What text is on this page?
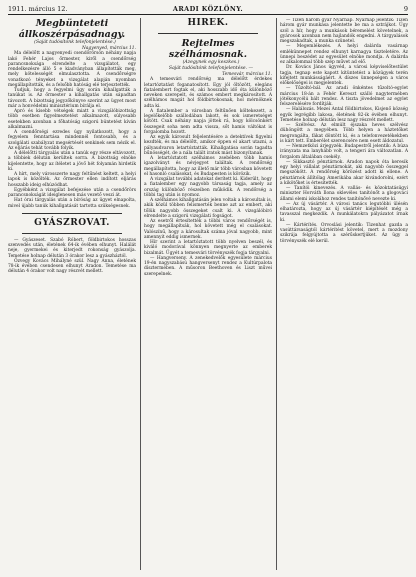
1911. március 12.	ARADI KÖZLÖNY.	9
Megbünteteti állkoszérpásadnagy.

(Saját tudósítónk telefonjelentése.)

Nagyenyed, március 11.

Ma délelőtt a nagyenyedi csendőrörsön néhány napja lakó Fehér Lajos őrmester, kiről a csendőrség parancsnoksága elrendelte a vizsgálatot, egy rendelkezésre álló 5 e kiadványban állapították meg, mely kötelességét elmulasztotta. A csendőrségre vonatkozó tényeket a vizsgálat alapján nyomban megállapították, és a felsőbb hatóság elé terjesztették.

Tudjuk, hogy a fegyelmi ügy során kihallgatták a tanúkat is. Az őrmester a kihallgatás után sápadtan távozott. A bizottság jegyzőkönyve szerint az ügyet most már a honvédelmi minisztérium bírálja el.

Apró és kisebb vétségek miatt a vizsgálóbizottság több esetben figyelmeztetést alkalmazott, súlyosabb esetekben azonban a főhatóság szigorú büntetést kíván alkalmazni.

A csendőrségi ezredes úgy nyilatkozott, hogy a fegyelem fenntartása mindennél fontosabb, és a szolgálati szabályzat megsértését senkinek sem nézik el. Az eljárás tehát tovább folyik.

A délelőtti tárgyalás után a tanúk egy része eltávozott, a többiek délután kerültek sorra. A bizottság elnöke kijelentette, hogy az ítéletet a jövő hét folyamán hirdetik ki.

A hírt, mely városszerte nagy feltűnést keltett, a helyi lapok is közölték. Az őrmester ellen indított eljárás hosszabb ideig elhúzódhat.

Egyébként a vizsgálat befejezése után a csendőrörs parancsnokságát ideiglenesen más vezető veszi át.

Hat órai tárgyalás után a bíróság az ügyet elnapolta, mivel újabb tanúk kihallgatását tartotta szükségesnek.

GYÁSZROVAT.

— Gyászeset. Szabó Róbert, földbirtokos hosszas szenvedés után, életének 64-ik évében elhunyt. Halálát neje, gyermekei és kiterjedt rokonság gyászolja. Temetése holnap délután 3 órakor lesz a gyászháztól.

Özvegy Kovács Mihályné szül. Nagy Anna, életének 78-ik évében csendesen elhunyt Aradon. Temetése ma délután 4 órakor volt nagy részvét mellett.

HÍREK.
Rejtelmes szélhámosnak.

(Azegynek egy keszkes.)

Saját tudósítónk telefonjelentése. —

Temesvár, március 11.

A temesvári rendőrség ma délelőtt érdekes letartóztatást foganatosított. Egy jól öltözött, elegáns fiatalembert fogtak el, aki hosszabb idő óta különböző neveken szerepelt, és számos embert megkárosított. A szélhámos magát hol földbirtokosnak, hol mérnöknek adta ki.

A fiatalember a városban feltűnően költekezett, a legelőkelőbb szállodában lakott, és sok ismeretséget kötött. Csak néhány napja jöttek rá, hogy kölcsönkért összegeit soha nem adta vissza, sőt hamis váltókat is forgalomba hozott.

Az egyik károsult feljelentésére a detektívek figyelni kezdték, és ma délelőtt, amikor éppen el akart utazni, a pályaudvaron letartóztatták. Kihallgatása során tagadta bűnösségét, de a nála talált iratok mást bizonyítanak.

A letartóztatott szélhámos zsebében több hamis igazolványt és névjegyet találtak. A rendőrség megállapította, hogy az illető már több városban követett el hasonló csalásokat, és Budapesten is körözik.

A vizsgálat további adatokat derített ki. Kiderült, hogy a fiatalember egy nagyobb társaság tagja, amely az ország különböző részeiben működik. A rendőrség a többi tag után is nyomoz.

A szélhámos kihallgatásán jelen voltak a károsultak is, akik közül többen felismerték benne azt az embert, aki tőlük nagyobb összegeket csalt ki. A vizsgálóbíró elrendelte a szigorú vizsgálati fogságot.

Az esetről értesítették a többi város rendőrségét is, hogy megállapítsák, hol követett még el csalásokat. Valószínű, hogy a károsultak száma jóval nagyobb, mint amennyit eddig ismernek.

Hír szerint a letartóztatott több nyelven beszél, és kiváló modorával könnyen megnyerte az emberek bizalmát. Ügyét a temesvári törvényszék fogja tárgyalni.

— Hangverseny. A zenekedvelők egyesülete március 19-én nagyszabású hangversenyt rendez a Kultúrpalota dísztermében. A műsoron Beethoven és Liszt művei szerepelnek.

— Tizen három gyár Nyárnap. Nyárnap jelentik: Tizen három gyár munkása jelentette be ma a sztrájkot. Úgy szól a hír, hogy a munkások béremelést követelnek, a gyárosok azonban nem hajlandók engedni. A tárgyalások megszakadtak, a munka szünetel.

— Megemlékezés. A helyi dalárda vasárnap emlékünnepet rendez elhunyt karnagya tiszteletére. Az ünnepi beszédet az egyesület elnöke mondja. A dalárda ez alkalommal több szép művet ad elő.

Dr. Kovács János ügyvéd, a városi képviselőtestület tagja, tegnap este kapott kitüntetést a közügyek terén kifejtett munkásságáért. A díszes ünnepségen a város előkelőségei is megjelentek.

— Tűzoltó-bál. Az aradi önkéntes tűzoltó-egylet március 18-án a Fehér Kereszt szálló nagytermében jótékonycélú bált rendez. A tiszta jövedelmet az egylet felszerelésére fordítják.

— Halálozás. Mezei Antal földbirtokos, Kisjenő község egyik legrégibb lakosa, életének 82-ik évében elhunyt. Temetése holnap délután lesz nagy részvét mellett.

— Szélvész. Az elmúlt éjszaka heves szélvész dühöngött a megyében. Több helyen a háztetőket megrongálta, fákat döntött ki, és a telefonvezetékekben is kárt tett. Emberélet szerencsére nem esett áldozatul.

— Nemzetközi árjegyzék. Budapestről jelentik: A búza irányzata ma lanyhább volt, a tengeri ára változatlan. A forgalom általában csekély.

— Sikkasztó pénztárnok. Aradon napok óta keresik egy helyi vállalat pénztárnokát, aki nagyobb összeggel megszökött. A rendőrség körözést adott ki ellene. A pénztárnok állítólag Amerikába akar kivándorolni, ezért a kikötőket is értesítették.

— Tanítói kinevezés. A vallás- és közoktatásügyi miniszter Horváth Ilona oklevéles tanítónőt a glogováci állami elemi iskolához rendes tanítónővé nevezte ki.

— Az új vásártér. A városi tanács legutóbbi ülésén elhatározta, hogy az új vásártér kiépítését még a tavasszal megkezdik. A munkálatokra pályázatot írnak ki.

— Kártérítés. Orvoslási jelentik: Tizenhat gazda a vasúttársaságtól kártérítést követel, mert a mozdony szikrája felgyújtotta a szérűskertjüket. Az ügy a törvényszék elé kerül.
